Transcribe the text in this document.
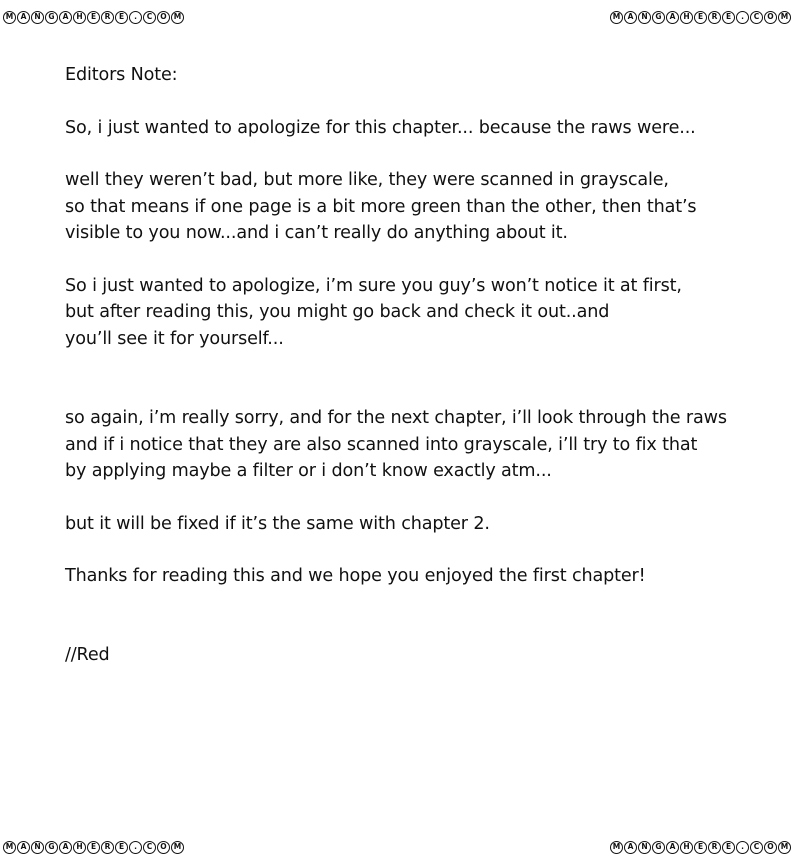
M A	N	G	A	H	E	R	E	.	C	O M	M A	N	G	A	H	E	R	E	.	C	O M
M A	N	G	A	H	E	R	E	.	C	O M	M A	N	G	A	H	E	R	E	.	C	O M

Editors Note:

So, i just wanted to apologize for this chapter... because the raws were...

well they weren’t bad, but more like, they were scanned in grayscale,
so that means if one page is a bit more green than the other, then that’s
visible to you now...and i can’t really do anything about it.

So i just wanted to apologize, i’m sure you guy’s won’t notice it at first,
but after reading this, you might go back and check it out..and
you’ll see it for yourself...

so again, i’m really sorry, and for the next chapter, i’ll look through the raws
and if i notice that they are also scanned into grayscale, i’ll try to fix that
by applying maybe a filter or i don’t know exactly atm...

but it will be fixed if it’s the same with chapter 2.

Thanks for reading this and we hope you enjoyed the first chapter!

//Red
